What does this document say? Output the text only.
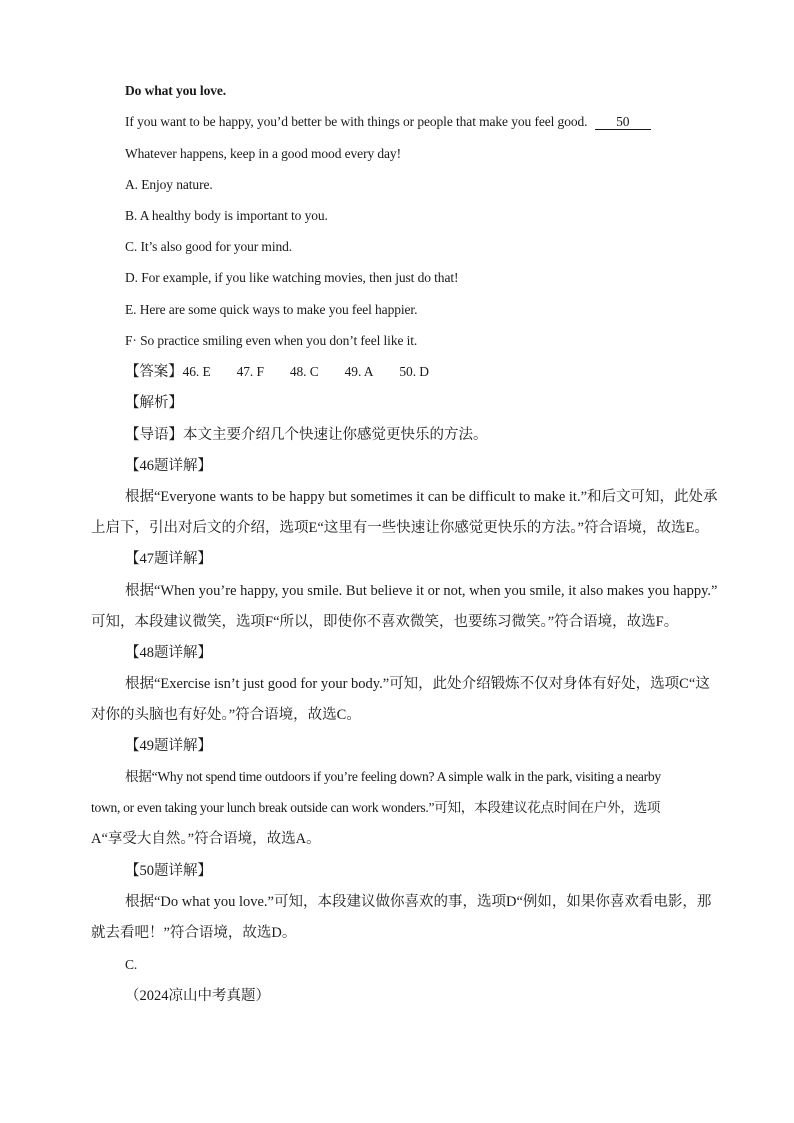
Do what you love.
If you want to be happy, you’d better be with things or people that make you feel good. 50
Whatever happens, keep in a good mood every day!
A. Enjoy nature.
B. A healthy body is important to you.
C. It’s also good for your mind.
D. For example, if you like watching movies, then just do that!
E. Here are some quick ways to make you feel happier.
F· So practice smiling even when you don’t feel like it.
【答案】46. E 47. F 48. C 49. A 50. D
【解析】
【导语】本文主要介绍几个快速让你感觉更快乐的方法。
【46题详解】
根据“Everyone wants to be happy but sometimes it can be difficult to make it.”和后文可知，此处承
上启下，引出对后文的介绍，选项E“这里有一些快速让你感觉更快乐的方法。”符合语境，故选E。
【47题详解】
根据“When you’re happy, you smile. But believe it or not, when you smile, it also makes you happy.”
可知，本段建议微笑，选项F“所以，即使你不喜欢微笑，也要练习微笑。”符合语境，故选F。
【48题详解】
根据“Exercise isn’t just good for your body.”可知，此处介绍锻炼不仅对身体有好处，选项C“这
对你的头脑也有好处。”符合语境，故选C。
【49题详解】
根据“Why not spend time outdoors if you’re feeling down? A simple walk in the park, visiting a nearby
town, or even taking your lunch break outside can work wonders.”可知，本段建议花点时间在户外，选项
A“享受大自然。”符合语境，故选A。
【50题详解】
根据“Do what you love.”可知，本段建议做你喜欢的事，选项D“例如，如果你喜欢看电影，那
就去看吧！”符合语境，故选D。
C.
（2024凉山中考真题）
